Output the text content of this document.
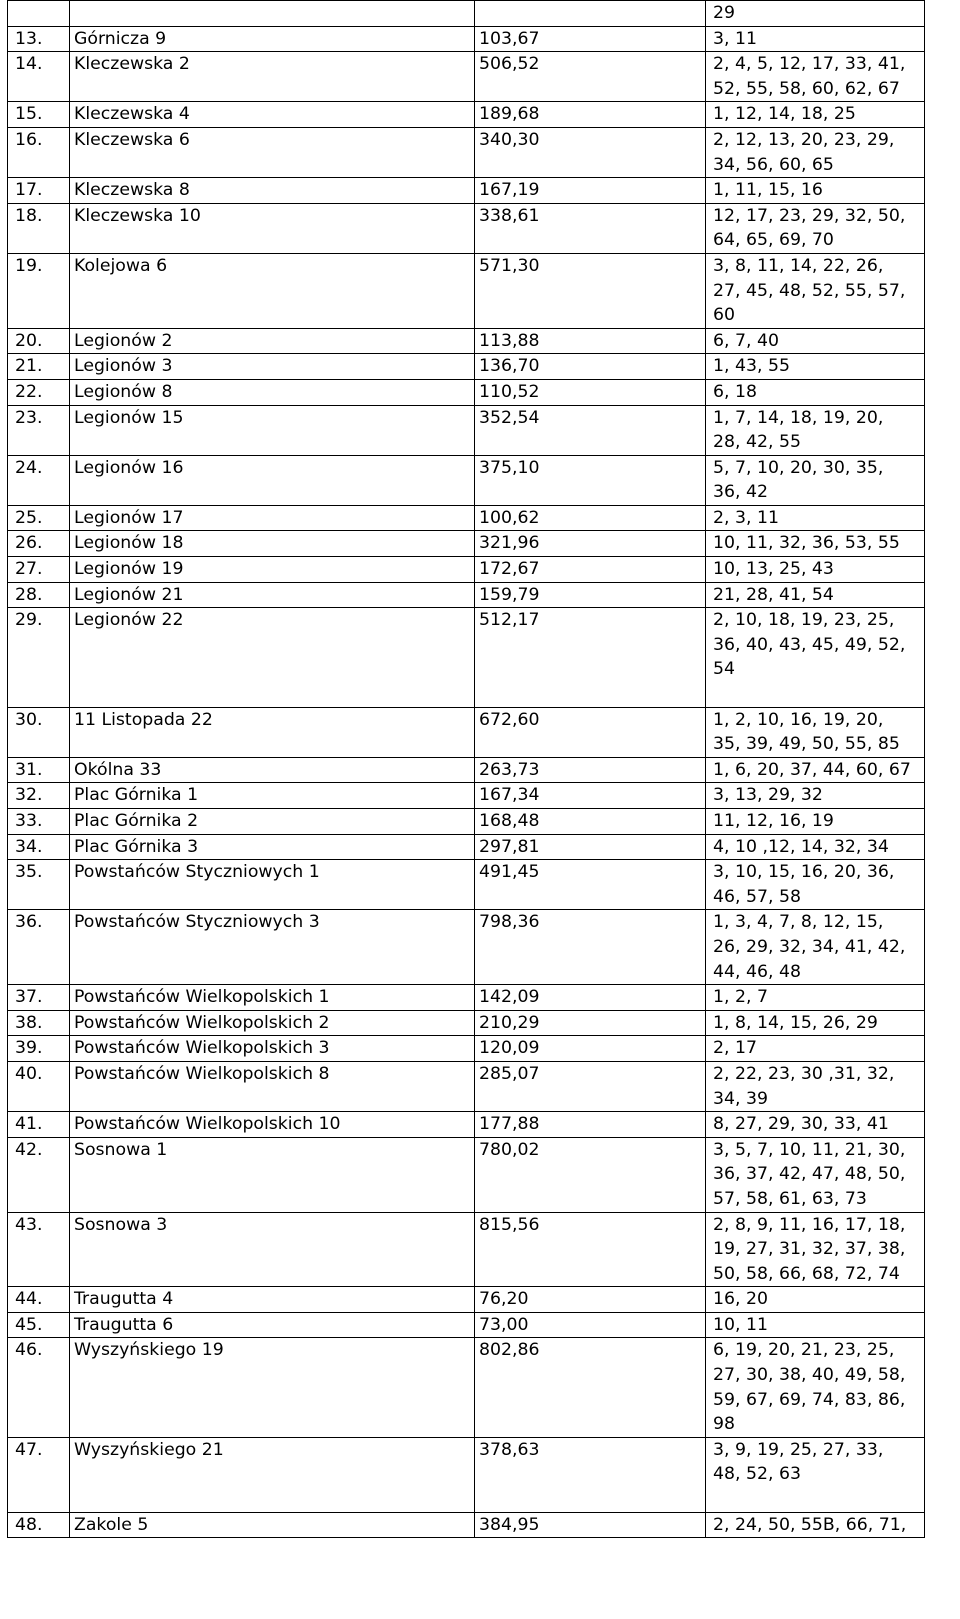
			29

13.	Górnicza 9	103,67	3, 11

14.	Kleczewska 2	506,52	2, 4, 5, 12, 17, 33, 41,
52, 55, 58, 60, 62, 67

15.	Kleczewska 4	189,68	1, 12, 14, 18, 25

16.	Kleczewska 6	340,30	2, 12, 13, 20, 23, 29,
34, 56, 60, 65

17.	Kleczewska 8	167,19	1, 11, 15, 16

18.	Kleczewska 10	338,61	12, 17, 23, 29, 32, 50,
64, 65, 69, 70

19.	Kolejowa 6	571,30	3, 8, 11, 14, 22, 26,
27, 45, 48, 52, 55, 57,
60

20.	Legionów 2	113,88	6, 7, 40

21.	Legionów 3	136,70	1, 43, 55

22.	Legionów 8	110,52	6, 18

23.	Legionów 15	352,54	1, 7, 14, 18, 19, 20,
28, 42, 55

24.	Legionów 16	375,10	5, 7, 10, 20, 30, 35,
36, 42

25.	Legionów 17	100,62	2, 3, 11

26.	Legionów 18	321,96	10, 11, 32, 36, 53, 55

27.	Legionów 19	172,67	10, 13, 25, 43

28.	Legionów 21	159,79	21, 28, 41, 54

29.	Legionów 22	512,17	2, 10, 18, 19, 23, 25,
36, 40, 43, 45, 49, 52,
54

30.	11 Listopada 22	672,60	1, 2, 10, 16, 19, 20,
35, 39, 49, 50, 55, 85

31.	Okólna 33	263,73	1, 6, 20, 37, 44, 60, 67

32.	Plac Górnika 1	167,34	3, 13, 29, 32

33.	Plac Górnika 2	168,48	11, 12, 16, 19

34.	Plac Górnika 3	297,81	4, 10 ,12, 14, 32, 34

35.	Powstańców Styczniowych 1	491,45	3, 10, 15, 16, 20, 36,
46, 57, 58

36.	Powstańców Styczniowych 3	798,36	1, 3, 4, 7, 8, 12, 15,
26, 29, 32, 34, 41, 42,
44, 46, 48

37.	Powstańców Wielkopolskich 1	142,09	1, 2, 7

38.	Powstańców Wielkopolskich 2	210,29	1, 8, 14, 15, 26, 29

39.	Powstańców Wielkopolskich 3	120,09	2, 17

40.	Powstańców Wielkopolskich 8	285,07	2, 22, 23, 30 ,31, 32,
34, 39

41.	Powstańców Wielkopolskich 10	177,88	8, 27, 29, 30, 33, 41

42.	Sosnowa 1	780,02	3, 5, 7, 10, 11, 21, 30,
36, 37, 42, 47, 48, 50,
57, 58, 61, 63, 73

43.	Sosnowa 3	815,56	2, 8, 9, 11, 16, 17, 18,
19, 27, 31, 32, 37, 38,
50, 58, 66, 68, 72, 74

44.	Traugutta 4	76,20	16, 20

45.	Traugutta 6	73,00	10, 11

46.	Wyszyńskiego 19	802,86	6, 19, 20, 21, 23, 25,
27, 30, 38, 40, 49, 58,
59, 67, 69, 74, 83, 86,
98

47.	Wyszyńskiego 21	378,63	3, 9, 19, 25, 27, 33,
48, 52, 63

48.	Zakole 5	384,95	2, 24, 50, 55B, 66, 71,
